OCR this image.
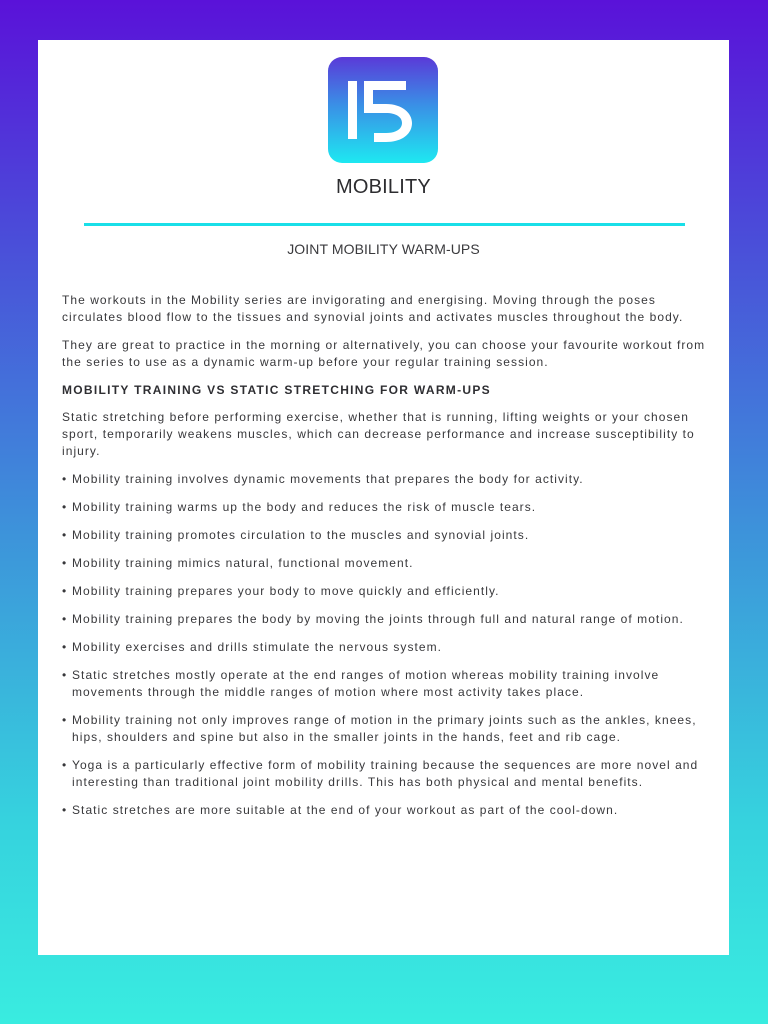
MOBILITY
JOINT MOBILITY WARM-UPS

The workouts in the Mobility series are invigorating and energising. Moving through the poses circulates blood flow to the tissues and synovial joints and activates muscles throughout the body.

They are great to practice in the morning or alternatively, you can choose your favourite workout from the series to use as a dynamic warm-up before your regular training session.

MOBILITY TRAINING VS STATIC STRETCHING FOR WARM-UPS

Static stretching before performing exercise, whether that is running, lifting weights or your chosen sport, temporarily weakens muscles, which can decrease performance and increase susceptibility to injury.

• Mobility training involves dynamic movements that prepares the body for activity.
• Mobility training warms up the body and reduces the risk of muscle tears.
• Mobility training promotes circulation to the muscles and synovial joints.
• Mobility training mimics natural, functional movement.
• Mobility training prepares your body to move quickly and efficiently.
• Mobility training prepares the body by moving the joints through full and natural range of motion.
• Mobility exercises and drills stimulate the nervous system.
• Static stretches mostly operate at the end ranges of motion whereas mobility training involve movements through the middle ranges of motion where most activity takes place.
• Mobility training not only improves range of motion in the primary joints such as the ankles, knees, hips, shoulders and spine but also in the smaller joints in the hands, feet and rib cage.
• Yoga is a particularly effective form of mobility training because the sequences are more novel and interesting than traditional joint mobility drills. This has both physical and mental benefits.
• Static stretches are more suitable at the end of your workout as part of the cool-down.
